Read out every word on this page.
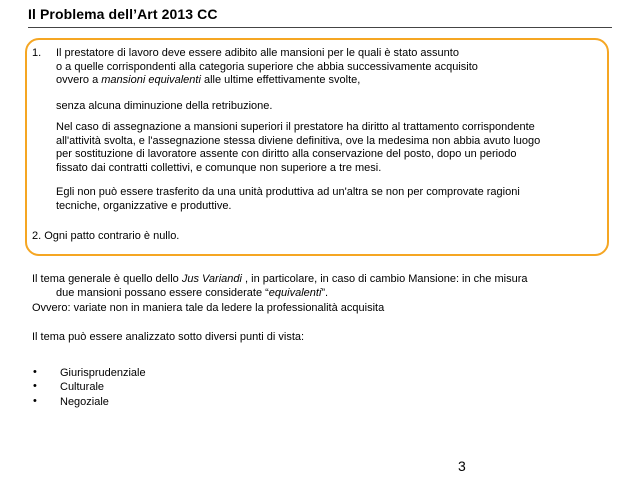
Il Problema dell’Art 2013 CC
1. Il prestatore di lavoro deve essere adibito alle mansioni per le quali è stato assunto
o a quelle corrispondenti alla categoria superiore che abbia successivamente acquisito
ovvero a mansioni equivalenti alle ultime effettivamente svolte,
senza alcuna diminuzione della retribuzione.
Nel caso di assegnazione a mansioni superiori il prestatore ha diritto al trattamento corrispondente
all'attività svolta, e l'assegnazione stessa diviene definitiva, ove la medesima non abbia avuto luogo
per sostituzione di lavoratore assente con diritto alla conservazione del posto, dopo un periodo
fissato dai contratti collettivi, e comunque non superiore a tre mesi.
Egli non può essere trasferito da una unità produttiva ad un'altra se non per comprovate ragioni
tecniche, organizzative e produttive.
2. Ogni patto contrario è nullo.
Il tema generale è quello dello Jus Variandi , in particolare, in caso di cambio Mansione: in che misura
due mansioni possano essere considerate “equivalenti”.
Ovvero: variate non in maniera tale da ledere la professionalità acquisita
Il tema può essere analizzato sotto diversi punti di vista:
• Giurisprudenziale
• Culturale
• Negoziale
3
